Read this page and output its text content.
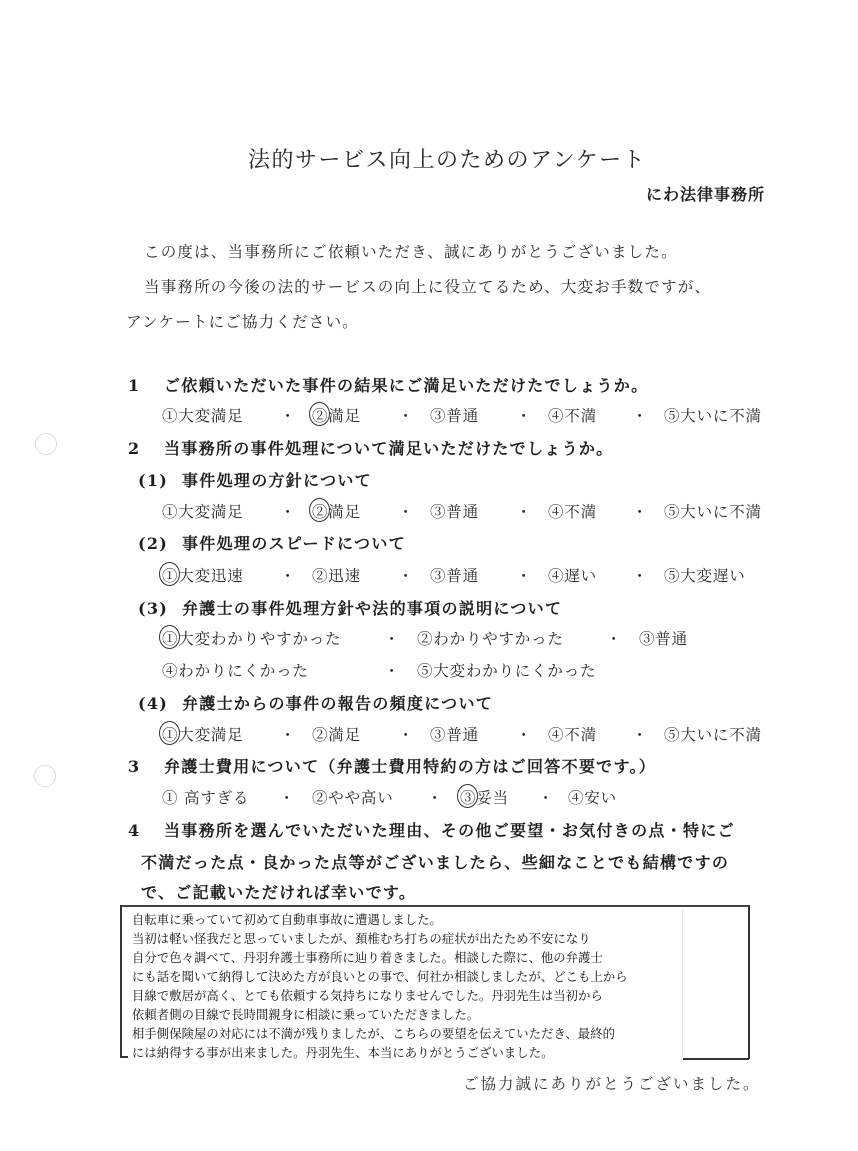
法的サービス向上のためのアンケート
にわ法律事務所
この度は、当事務所にご依頼いただき、誠にありがとうございました。
当事務所の今後の法的サービスの向上に役立てるため、大変お手数ですが、
アンケートにご協力ください。
1 ご依頼いただいた事件の結果にご満足いただけたでしょうか。
①大変満足	・	②満足	・	③普通	・	④不満	・	⑤大いに不満
2 当事務所の事件処理について満足いただけたでしょうか。
(1) 事件処理の方針について
①大変満足	・	②満足	・	③普通	・	④不満	・	⑤大いに不満
(2) 事件処理のスピードについて
①大変迅速	・	②迅速	・	③普通	・	④遅い	・	⑤大変遅い
(3) 弁護士の事件処理方針や法的事項の説明について
①大変わかりやすかった	・	②わかりやすかった	・	③普通
④わかりにくかった	・	⑤大変わかりにくかった
(4) 弁護士からの事件の報告の頻度について
①大変満足	・	②満足	・	③普通	・	④不満	・	⑤大いに不満
3 弁護士費用について（弁護士費用特約の方はご回答不要です。）
① 高すぎる	・	②やや高い	・	③妥当	・ ④安い
4 当事務所を選んでいただいた理由、その他ご要望・お気付きの点・特にご
不満だった点・良かった点等がございましたら、些細なことでも結構ですの
で、ご記載いただければ幸いです。
自転車に乗っていて初めて自動車事故に遭遇しました。
当初は軽い怪我だと思っていましたが、頚椎むち打ちの症状が出たため不安になり
自分で色々調べて、丹羽弁護士事務所に辿り着きました。相談した際に、他の弁護士
にも話を聞いて納得して決めた方が良いとの事で、何社か相談しましたが、どこも上から
目線で敷居が高く、とても依頼する気持ちになりませんでした。丹羽先生は当初から
依頼者側の目線で長時間親身に相談に乗っていただきました。
相手側保険屋の対応には不満が残りましたが、こちらの要望を伝えていただき、最終的
には納得する事が出来ました。丹羽先生、本当にありがとうございました。
ご協力誠にありがとうございました。
